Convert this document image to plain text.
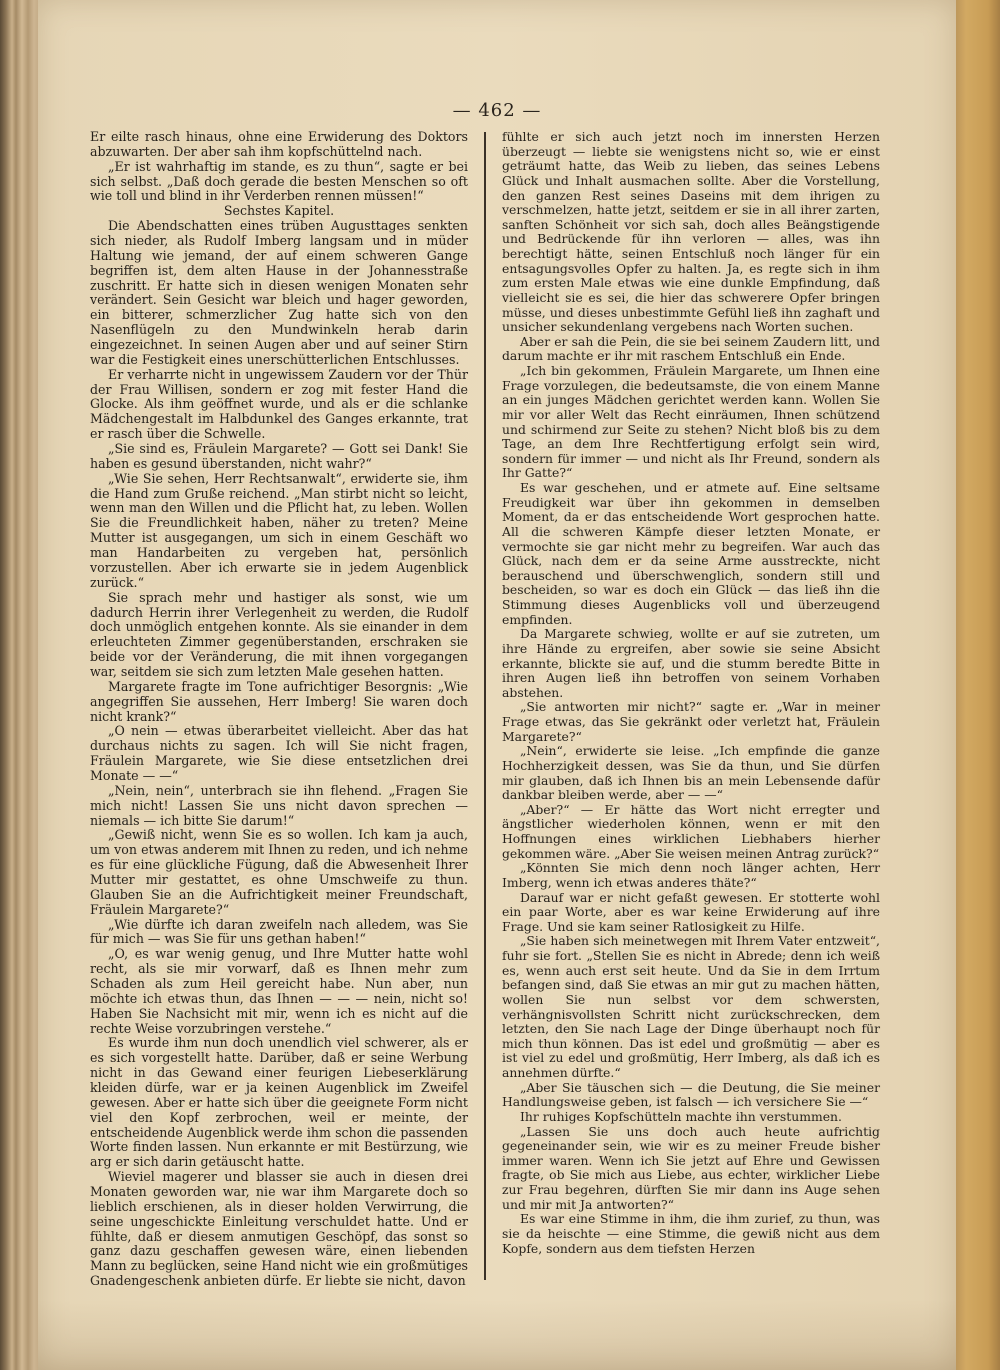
— 462 —

Er eilte rasch hinaus, ohne eine Erwiderung des Doktors abzuwarten. Der aber sah ihm kopfschüttelnd nach.

„Er ist wahrhaftig im stande, es zu thun“, sagte er bei sich selbst. „Daß doch gerade die besten Menschen so oft wie toll und blind in ihr Verderben rennen müssen!“

Sechstes Kapitel.

Die Abendschatten eines trüben Augusttages senkten sich nieder, als Rudolf Imberg langsam und in müder Haltung wie jemand, der auf einem schweren Gange begriffen ist, dem alten Hause in der Johannesstraße zuschritt. Er hatte sich in diesen wenigen Monaten sehr verändert. Sein Gesicht war bleich und hager geworden, ein bitterer, schmerzlicher Zug hatte sich von den Nasenflügeln zu den Mundwinkeln herab darin eingezeichnet. In seinen Augen aber und auf seiner Stirn war die Festigkeit eines unerschütterlichen Entschlusses.

Er verharrte nicht in ungewissem Zaudern vor der Thür der Frau Willisen, sondern er zog mit fester Hand die Glocke. Als ihm geöffnet wurde, und als er die schlanke Mädchengestalt im Halbdunkel des Ganges erkannte, trat er rasch über die Schwelle.

„Sie sind es, Fräulein Margarete? — Gott sei Dank! Sie haben es gesund überstanden, nicht wahr?“

„Wie Sie sehen, Herr Rechtsanwalt“, erwiderte sie, ihm die Hand zum Gruße reichend. „Man stirbt nicht so leicht, wenn man den Willen und die Pflicht hat, zu leben. Wollen Sie die Freundlichkeit haben, näher zu treten? Meine Mutter ist ausgegangen, um sich in einem Geschäft wo man Handarbeiten zu vergeben hat, persönlich vorzustellen. Aber ich erwarte sie in jedem Augenblick zurück.“

Sie sprach mehr und hastiger als sonst, wie um dadurch Herrin ihrer Verlegenheit zu werden, die Rudolf doch unmöglich entgehen konnte. Als sie einander in dem erleuchteten Zimmer gegenüberstanden, erschraken sie beide vor der Veränderung, die mit ihnen vorgegangen war, seitdem sie sich zum letzten Male gesehen hatten.

Margarete fragte im Tone aufrichtiger Besorgnis: „Wie angegriffen Sie aussehen, Herr Imberg! Sie waren doch nicht krank?“

„O nein — etwas überarbeitet vielleicht. Aber das hat durchaus nichts zu sagen. Ich will Sie nicht fragen, Fräulein Margarete, wie Sie diese entsetzlichen drei Monate — —“

„Nein, nein“, unterbrach sie ihn flehend. „Fragen Sie mich nicht! Lassen Sie uns nicht davon sprechen — niemals — ich bitte Sie darum!“

„Gewiß nicht, wenn Sie es so wollen. Ich kam ja auch, um von etwas anderem mit Ihnen zu reden, und ich nehme es für eine glückliche Fügung, daß die Abwesenheit Ihrer Mutter mir gestattet, es ohne Umschweife zu thun. Glauben Sie an die Aufrichtigkeit meiner Freundschaft, Fräulein Margarete?“

„Wie dürfte ich daran zweifeln nach alledem, was Sie für mich — was Sie für uns gethan haben!“

„O, es war wenig genug, und Ihre Mutter hatte wohl recht, als sie mir vorwarf, daß es Ihnen mehr zum Schaden als zum Heil gereicht habe. Nun aber, nun möchte ich etwas thun, das Ihnen — — — nein, nicht so! Haben Sie Nachsicht mit mir, wenn ich es nicht auf die rechte Weise vorzubringen verstehe.“

Es wurde ihm nun doch unendlich viel schwerer, als er es sich vorgestellt hatte. Darüber, daß er seine Werbung nicht in das Gewand einer feurigen Liebeserklärung kleiden dürfe, war er ja keinen Augenblick im Zweifel gewesen. Aber er hatte sich über die geeignete Form nicht viel den Kopf zerbrochen, weil er meinte, der entscheidende Augenblick werde ihm schon die passenden Worte finden lassen. Nun erkannte er mit Bestürzung, wie arg er sich darin getäuscht hatte.

Wieviel magerer und blasser sie auch in diesen drei Monaten geworden war, nie war ihm Margarete doch so lieblich erschienen, als in dieser holden Verwirrung, die seine ungeschickte Einleitung verschuldet hatte. Und er fühlte, daß er diesem anmutigen Geschöpf, das sonst so ganz dazu geschaffen gewesen wäre, einen liebenden Mann zu beglücken, seine Hand nicht wie ein großmütiges Gnadengeschenk anbieten dürfe. Er liebte sie nicht, davon

fühlte er sich auch jetzt noch im innersten Herzen überzeugt — liebte sie wenigstens nicht so, wie er einst geträumt hatte, das Weib zu lieben, das seines Lebens Glück und Inhalt ausmachen sollte. Aber die Vorstellung, den ganzen Rest seines Daseins mit dem ihrigen zu verschmelzen, hatte jetzt, seitdem er sie in all ihrer zarten, sanften Schönheit vor sich sah, doch alles Beängstigende und Bedrückende für ihn verloren — alles, was ihn berechtigt hätte, seinen Entschluß noch länger für ein entsagungsvolles Opfer zu halten. Ja, es regte sich in ihm zum ersten Male etwas wie eine dunkle Empfindung, daß vielleicht sie es sei, die hier das schwerere Opfer bringen müsse, und dieses unbestimmte Gefühl ließ ihn zaghaft und unsicher sekundenlang vergebens nach Worten suchen.

Aber er sah die Pein, die sie bei seinem Zaudern litt, und darum machte er ihr mit raschem Entschluß ein Ende.

„Ich bin gekommen, Fräulein Margarete, um Ihnen eine Frage vorzulegen, die bedeutsamste, die von einem Manne an ein junges Mädchen gerichtet werden kann. Wollen Sie mir vor aller Welt das Recht einräumen, Ihnen schützend und schirmend zur Seite zu stehen? Nicht bloß bis zu dem Tage, an dem Ihre Rechtfertigung erfolgt sein wird, sondern für immer — und nicht als Ihr Freund, sondern als Ihr Gatte?“

Es war geschehen, und er atmete auf. Eine seltsame Freudigkeit war über ihn gekommen in demselben Moment, da er das entscheidende Wort gesprochen hatte. All die schweren Kämpfe dieser letzten Monate, er vermochte sie gar nicht mehr zu begreifen. War auch das Glück, nach dem er da seine Arme ausstreckte, nicht berauschend und überschwenglich, sondern still und bescheiden, so war es doch ein Glück — das ließ ihn die Stimmung dieses Augenblicks voll und überzeugend empfinden.

Da Margarete schwieg, wollte er auf sie zutreten, um ihre Hände zu ergreifen, aber sowie sie seine Absicht erkannte, blickte sie auf, und die stumm beredte Bitte in ihren Augen ließ ihn betroffen von seinem Vorhaben abstehen.

„Sie antworten mir nicht?“ sagte er. „War in meiner Frage etwas, das Sie gekränkt oder verletzt hat, Fräulein Margarete?“

„Nein“, erwiderte sie leise. „Ich empfinde die ganze Hochherzigkeit dessen, was Sie da thun, und Sie dürfen mir glauben, daß ich Ihnen bis an mein Lebensende dafür dankbar bleiben werde, aber — —“

„Aber?“ — Er hätte das Wort nicht erregter und ängstlicher wiederholen können, wenn er mit den Hoffnungen eines wirklichen Liebhabers hierher gekommen wäre. „Aber Sie weisen meinen Antrag zurück?“

„Könnten Sie mich denn noch länger achten, Herr Imberg, wenn ich etwas anderes thäte?“

Darauf war er nicht gefaßt gewesen. Er stotterte wohl ein paar Worte, aber es war keine Erwiderung auf ihre Frage. Und sie kam seiner Ratlosigkeit zu Hilfe.

„Sie haben sich meinetwegen mit Ihrem Vater entzweit“, fuhr sie fort. „Stellen Sie es nicht in Abrede; denn ich weiß es, wenn auch erst seit heute. Und da Sie in dem Irrtum befangen sind, daß Sie etwas an mir gut zu machen hätten, wollen Sie nun selbst vor dem schwersten, verhängnisvollsten Schritt nicht zurückschrecken, dem letzten, den Sie nach Lage der Dinge überhaupt noch für mich thun können. Das ist edel und großmütig — aber es ist viel zu edel und großmütig, Herr Imberg, als daß ich es annehmen dürfte.“

„Aber Sie täuschen sich — die Deutung, die Sie meiner Handlungsweise geben, ist falsch — ich versichere Sie —“

Ihr ruhiges Kopfschütteln machte ihn verstummen.

„Lassen Sie uns doch auch heute aufrichtig gegeneinander sein, wie wir es zu meiner Freude bisher immer waren. Wenn ich Sie jetzt auf Ehre und Gewissen fragte, ob Sie mich aus Liebe, aus echter, wirklicher Liebe zur Frau begehren, dürften Sie mir dann ins Auge sehen und mir mit Ja antworten?“

Es war eine Stimme in ihm, die ihm zurief, zu thun, was sie da heischte — eine Stimme, die gewiß nicht aus dem Kopfe, sondern aus dem tiefsten Herzen
